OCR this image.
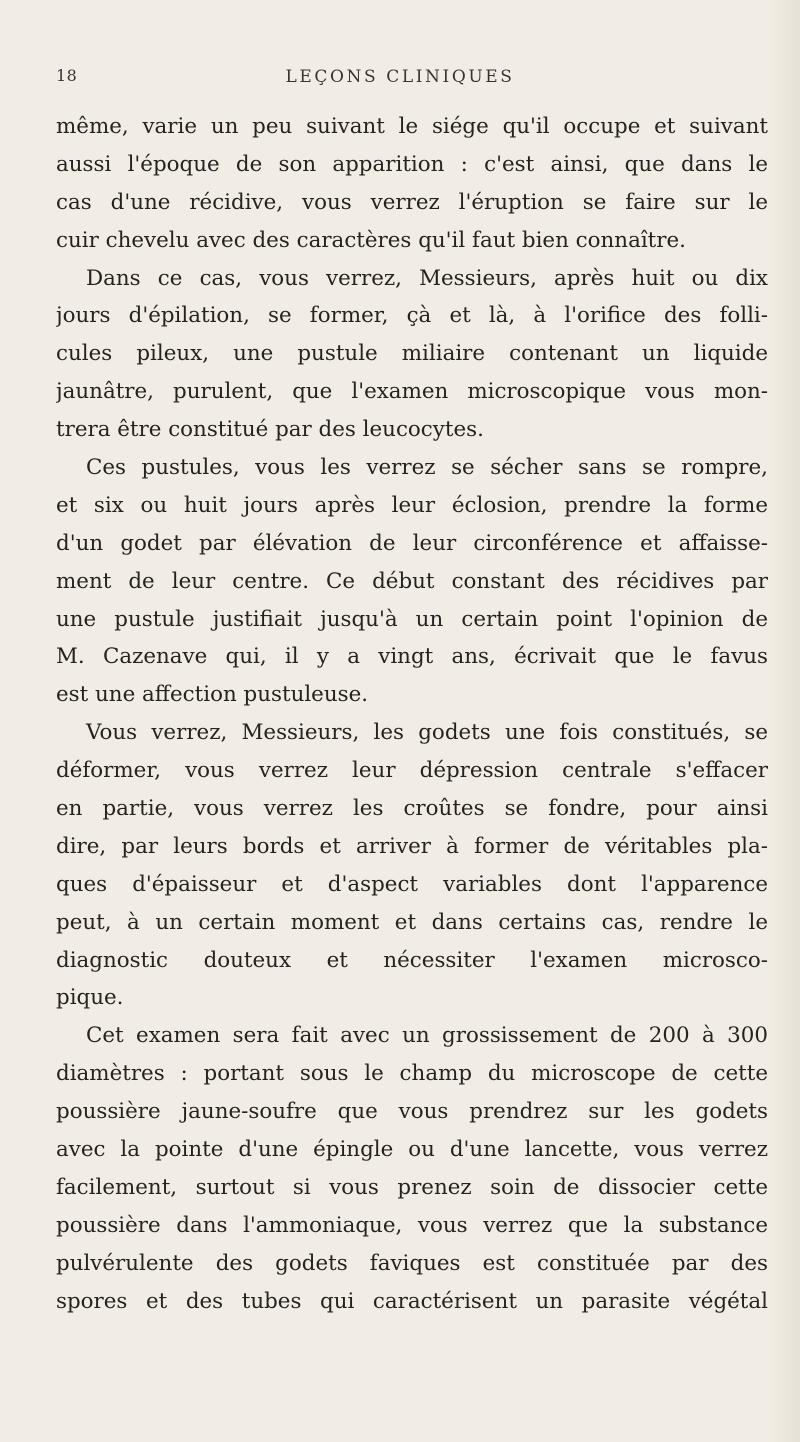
18	LEÇONS CLINIQUES
même, varie un peu suivant le siége qu'il occupe et suivant
aussi l'époque de son apparition : c'est ainsi, que dans le
cas d'une récidive, vous verrez l'éruption se faire sur le
cuir chevelu avec des caractères qu'il faut bien connaître.
Dans ce cas, vous verrez, Messieurs, après huit ou dix
jours d'épilation, se former, çà et là, à l'orifice des folli-
cules pileux, une pustule miliaire contenant un liquide
jaunâtre, purulent, que l'examen microscopique vous mon-
trera être constitué par des leucocytes.
Ces pustules, vous les verrez se sécher sans se rompre,
et six ou huit jours après leur éclosion, prendre la forme
d'un godet par élévation de leur circonférence et affaisse-
ment de leur centre. Ce début constant des récidives par
une pustule justifiait jusqu'à un certain point l'opinion de
M. Cazenave qui, il y a vingt ans, écrivait que le favus
est une affection pustuleuse.
Vous verrez, Messieurs, les godets une fois constitués, se
déformer, vous verrez leur dépression centrale s'effacer
en partie, vous verrez les croûtes se fondre, pour ainsi
dire, par leurs bords et arriver à former de véritables pla-
ques d'épaisseur et d'aspect variables dont l'apparence
peut, à un certain moment et dans certains cas, rendre le
diagnostic douteux et nécessiter l'examen microsco-
pique.
Cet examen sera fait avec un grossissement de 200 à 300
diamètres : portant sous le champ du microscope de cette
poussière jaune-soufre que vous prendrez sur les godets
avec la pointe d'une épingle ou d'une lancette, vous verrez
facilement, surtout si vous prenez soin de dissocier cette
poussière dans l'ammoniaque, vous verrez que la substance
pulvérulente des godets faviques est constituée par des
spores et des tubes qui caractérisent un parasite végétal
